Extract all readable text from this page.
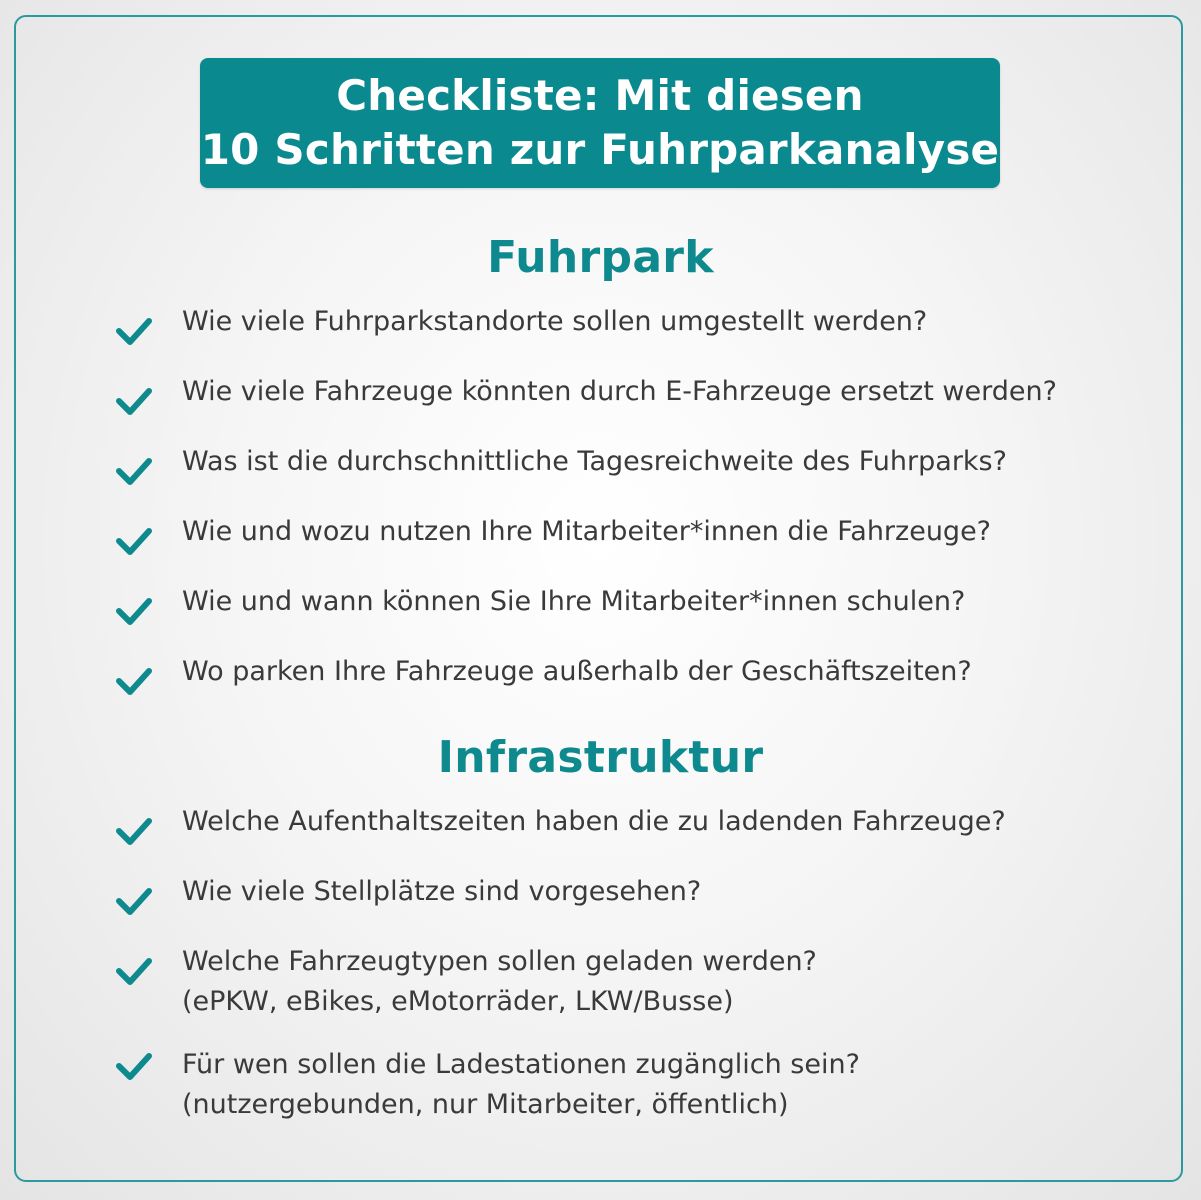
Checkliste: Mit diesen
10 Schritten zur Fuhrparkanalyse
Fuhrpark
Wie viele Fuhrparkstandorte sollen umgestellt werden?
Wie viele Fahrzeuge könnten durch E-Fahrzeuge ersetzt werden?
Was ist die durchschnittliche Tagesreichweite des Fuhrparks?
Wie und wozu nutzen Ihre Mitarbeiter*innen die Fahrzeuge?
Wie und wann können Sie Ihre Mitarbeiter*innen schulen?
Wo parken Ihre Fahrzeuge außerhalb der Geschäftszeiten?
Infrastruktur
Welche Aufenthaltszeiten haben die zu ladenden Fahrzeuge?
Wie viele Stellplätze sind vorgesehen?
Welche Fahrzeugtypen sollen geladen werden?
(ePKW, eBikes, eMotorräder, LKW/Busse)
Für wen sollen die Ladestationen zugänglich sein?
(nutzergebunden, nur Mitarbeiter, öffentlich)
